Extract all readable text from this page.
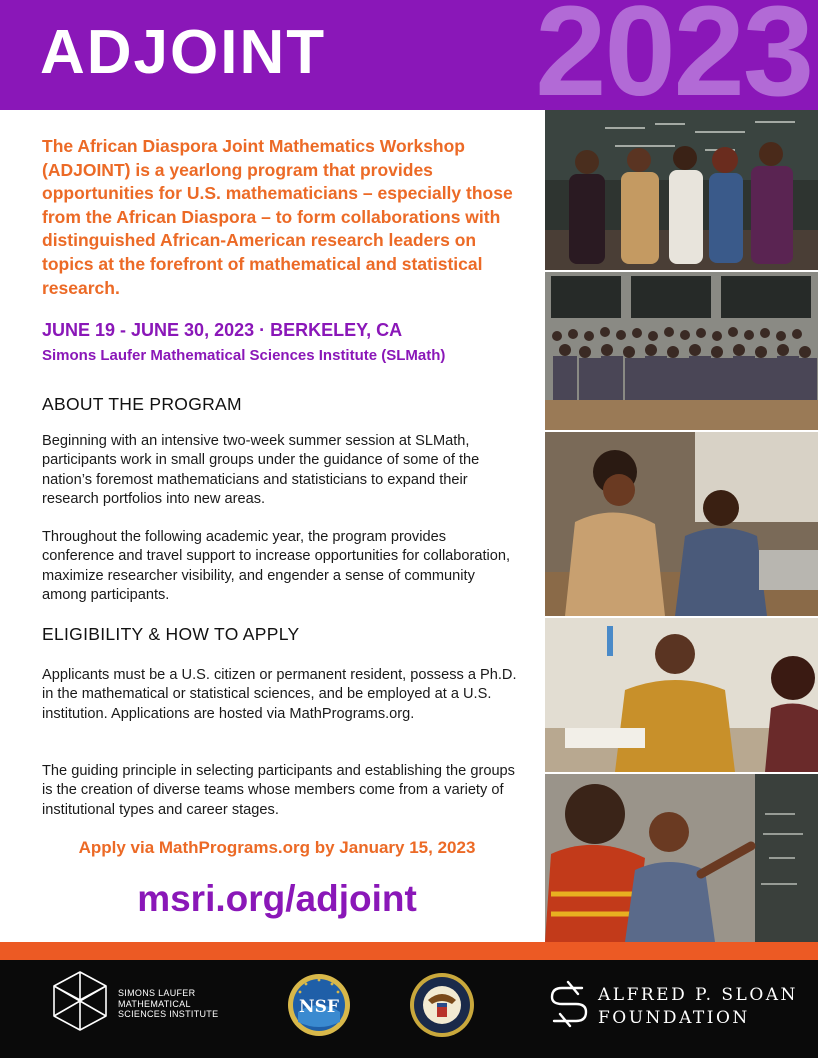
ADJOINT 2023
The African Diaspora Joint Mathematics Workshop (ADJOINT) is a yearlong program that provides opportunities for U.S. mathematicians – especially those from the African Diaspora – to form collaborations with distinguished African-American research leaders on topics at the forefront of mathematical and statistical research.
JUNE 19 - JUNE 30, 2023 · BERKELEY, CA
Simons Laufer Mathematical Sciences Institute (SLMath)
ABOUT THE PROGRAM
Beginning with an intensive two-week summer session at SLMath, participants work in small groups under the guidance of some of the nation’s foremost mathematicians and statisticians to expand their research portfolios into new areas.
Throughout the following academic year, the program provides conference and travel support to increase opportunities for collaboration, maximize researcher visibility, and engender a sense of community among participants.
ELIGIBILITY & HOW TO APPLY
Applicants must be a U.S. citizen or permanent resident, possess a Ph.D. in the mathematical or statistical sciences, and be employed at a U.S. institution. Applications are hosted via MathPrograms.org.
The guiding principle in selecting participants and establishing the groups is the creation of diverse teams whose members come from a variety of institutional types and career stages.
Apply via MathPrograms.org by January 15, 2023
msri.org/adjoint
SIMONS LAUFER
MATHEMATICAL
SCIENCES INSTITUTE	NSF
ALFRED P. SLOAN
FOUNDATION
